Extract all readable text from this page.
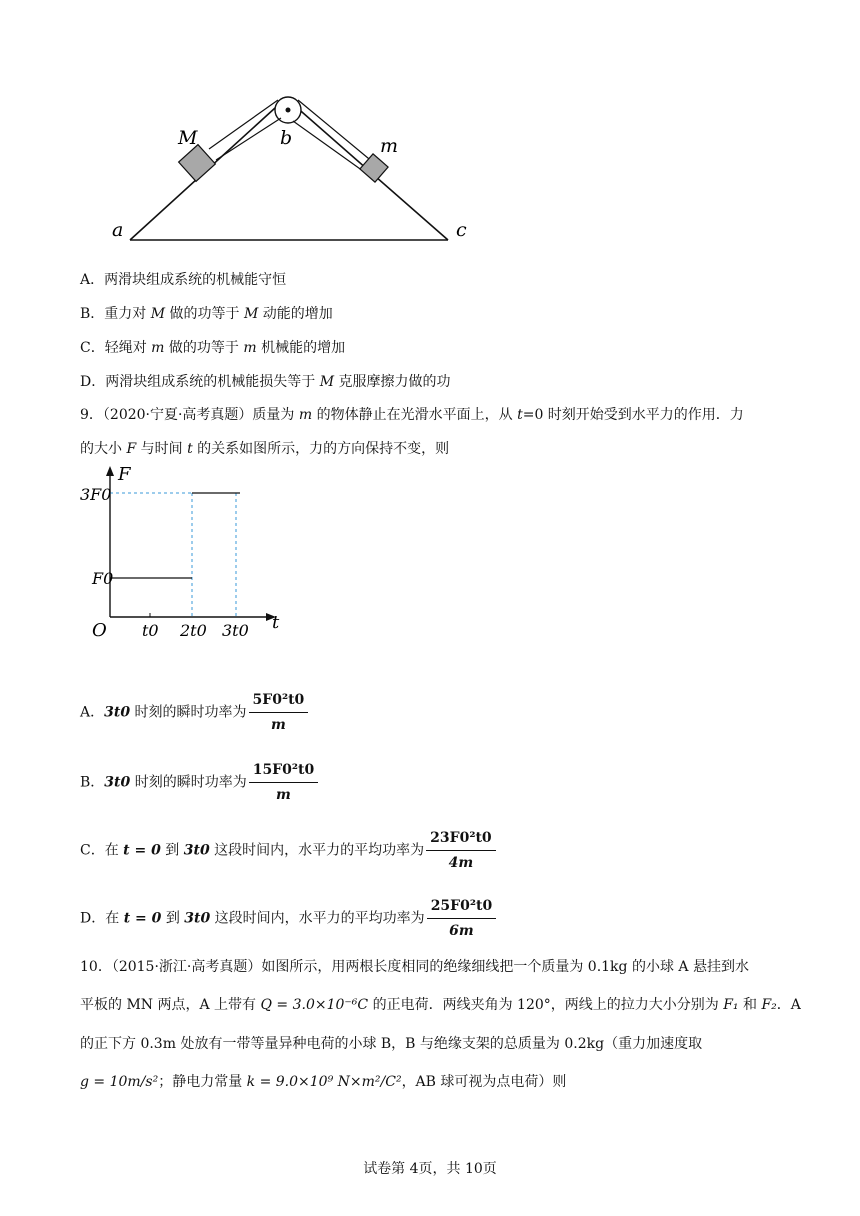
M	b	m
a	c
A．两滑块组成系统的机械能守恒
B．重力对 M 做的功等于 M 动能的增加
C．轻绳对 m 做的功等于 m 机械能的增加
D．两滑块组成系统的机械能损失等于 M 克服摩擦力做的功
9．（2020·宁夏·高考真题）质量为 m 的物体静止在光滑水平面上，从 t=0 时刻开始受到水平力的作用．力
的大小 F 与时间 t 的关系如图所示，力的方向保持不变，则
F
t
O
3F0
F0
t0 2t0 3t0
A．3t0 时刻的瞬时功率为 $\frac{\text{5F0²t0}}{m}$
B．3t0 时刻的瞬时功率为 $\frac{\text{15F0²t0}}{m}$
C．在 t = 0 到 3t0 这段时间内，水平力的平均功率为 $\frac{\text{23F0²t0}}{4m}$
D．在 t = 0 到 3t0 这段时间内，水平力的平均功率为 $\frac{\text{25F0²t0}}{6m}$
10．（2015·浙江·高考真题）如图所示，用两根长度相同的绝缘细线把一个质量为 0.1kg 的小球 A 悬挂到水
平板的 MN 两点，A 上带有 Q = 3.0×10⁻⁶C 的正电荷．两线夹角为 120°，两线上的拉力大小分别为 F₁ 和 F₂．A
的正下方 0.3m 处放有一带等量异种电荷的小球 B，B 与绝缘支架的总质量为 0.2kg（重力加速度取
g = 10m/s²；静电力常量 k = 9.0×10⁹ N×m²/C²，AB 球可视为点电荷）则
试卷第 4页，共 10页
